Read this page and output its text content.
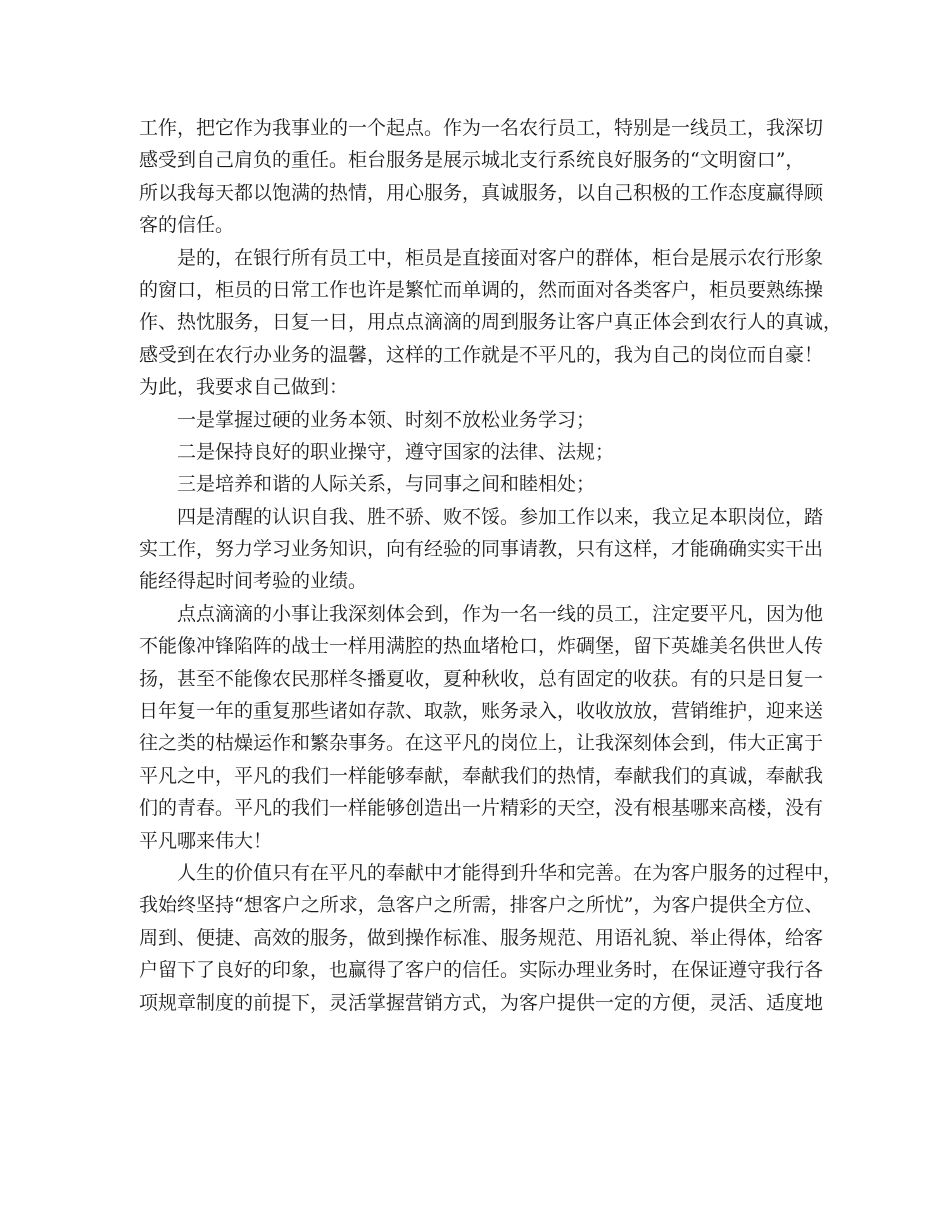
工作，把它作为我事业的一个起点。作为一名农行员工，特别是一线员工，我深切
感受到自己肩负的重任。柜台服务是展示城北支行系统良好服务的“文明窗口”，
所以我每天都以饱满的热情，用心服务，真诚服务，以自己积极的工作态度赢得顾
客的信任。
是的，在银行所有员工中，柜员是直接面对客户的群体，柜台是展示农行形象
的窗口，柜员的日常工作也许是繁忙而单调的，然而面对各类客户，柜员要熟练操
作、热忱服务，日复一日，用点点滴滴的周到服务让客户真正体会到农行人的真诚，
感受到在农行办业务的温馨，这样的工作就是不平凡的，我为自己的岗位而自豪！
为此，我要求自己做到：
一是掌握过硬的业务本领、时刻不放松业务学习；
二是保持良好的职业操守，遵守国家的法律、法规；
三是培养和谐的人际关系，与同事之间和睦相处；
四是清醒的认识自我、胜不骄、败不馁。参加工作以来，我立足本职岗位，踏
实工作，努力学习业务知识，向有经验的同事请教，只有这样，才能确确实实干出
能经得起时间考验的业绩。
点点滴滴的小事让我深刻体会到，作为一名一线的员工，注定要平凡，因为他
不能像冲锋陷阵的战士一样用满腔的热血堵枪口，炸碉堡，留下英雄美名供世人传
扬，甚至不能像农民那样冬播夏收，夏种秋收，总有固定的收获。有的只是日复一
日年复一年的重复那些诸如存款、取款，账务录入，收收放放，营销维护，迎来送
往之类的枯燥运作和繁杂事务。在这平凡的岗位上，让我深刻体会到，伟大正寓于
平凡之中，平凡的我们一样能够奉献，奉献我们的热情，奉献我们的真诚，奉献我
们的青春。平凡的我们一样能够创造出一片精彩的天空，没有根基哪来高楼，没有
平凡哪来伟大！
人生的价值只有在平凡的奉献中才能得到升华和完善。在为客户服务的过程中，
我始终坚持“想客户之所求，急客户之所需，排客户之所忧”，为客户提供全方位、
周到、便捷、高效的服务，做到操作标准、服务规范、用语礼貌、举止得体，给客
户留下了良好的印象，也赢得了客户的信任。实际办理业务时，在保证遵守我行各
项规章制度的前提下，灵活掌握营销方式，为客户提供一定的方便，灵活、适度地
